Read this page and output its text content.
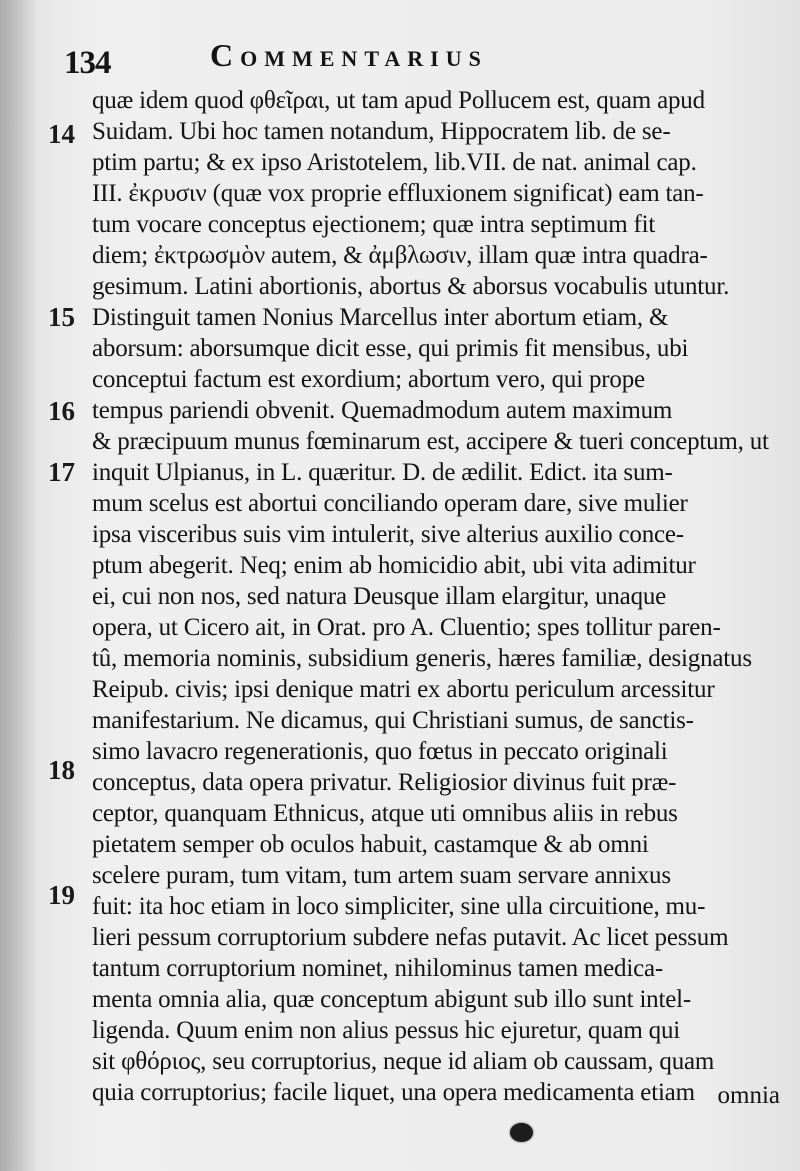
134	Commentarius
14
15
16
17
18
19
quæ idem quod φθεῖραι, ut tam apud Pollucem est, quam apud
Suidam. Ubi hoc tamen notandum, Hippocratem lib. de se-
ptim partu; & ex ipso Aristotelem, lib.VII. de nat. animal cap.
III. ἐκρυσιν (quæ vox proprie effluxionem significat) eam tan-
tum vocare conceptus ejectionem; quæ intra septimum fit
diem; ἐκτρωσμὸν autem, & ἀμβλωσιν, illam quæ intra quadra-
gesimum. Latini abortionis, abortus & aborsus vocabulis utuntur.
Distinguit tamen Nonius Marcellus inter abortum etiam, &
aborsum: aborsumque dicit esse, qui primis fit mensibus, ubi
conceptui factum est exordium; abortum vero, qui prope
tempus pariendi obvenit. Quemadmodum autem maximum
& præcipuum munus fœminarum est, accipere & tueri conceptum, ut
inquit Ulpianus, in L. quæritur. D. de ædilit. Edict. ita sum-
mum scelus est abortui conciliando operam dare, sive mulier
ipsa visceribus suis vim intulerit, sive alterius auxilio conce-
ptum abegerit. Neq; enim ab homicidio abit, ubi vita adimitur
ei, cui non nos, sed natura Deusque illam elargitur, unaque
opera, ut Cicero ait, in Orat. pro A. Cluentio; spes tollitur paren-
tû, memoria nominis, subsidium generis, hæres familiæ, designatus
Reipub. civis; ipsi denique matri ex abortu periculum arcessitur
manifestarium. Ne dicamus, qui Christiani sumus, de sanctis-
simo lavacro regenerationis, quo fœtus in peccato originali
conceptus, data opera privatur. Religiosior divinus fuit præ-
ceptor, quanquam Ethnicus, atque uti omnibus aliis in rebus
pietatem semper ob oculos habuit, castamque & ab omni
scelere puram, tum vitam, tum artem suam servare annixus
fuit: ita hoc etiam in loco simpliciter, sine ulla circuitione, mu-
lieri pessum corruptorium subdere nefas putavit. Ac licet pessum
tantum corruptorium nominet, nihilominus tamen medica-
menta omnia alia, quæ conceptum abigunt sub illo sunt intel-
ligenda. Quum enim non alius pessus hic ejuretur, quam qui
sit φθόριος, seu corruptorius, neque id aliam ob caussam, quam
quia corruptorius; facile liquet, una opera medicamenta etiam omnia
